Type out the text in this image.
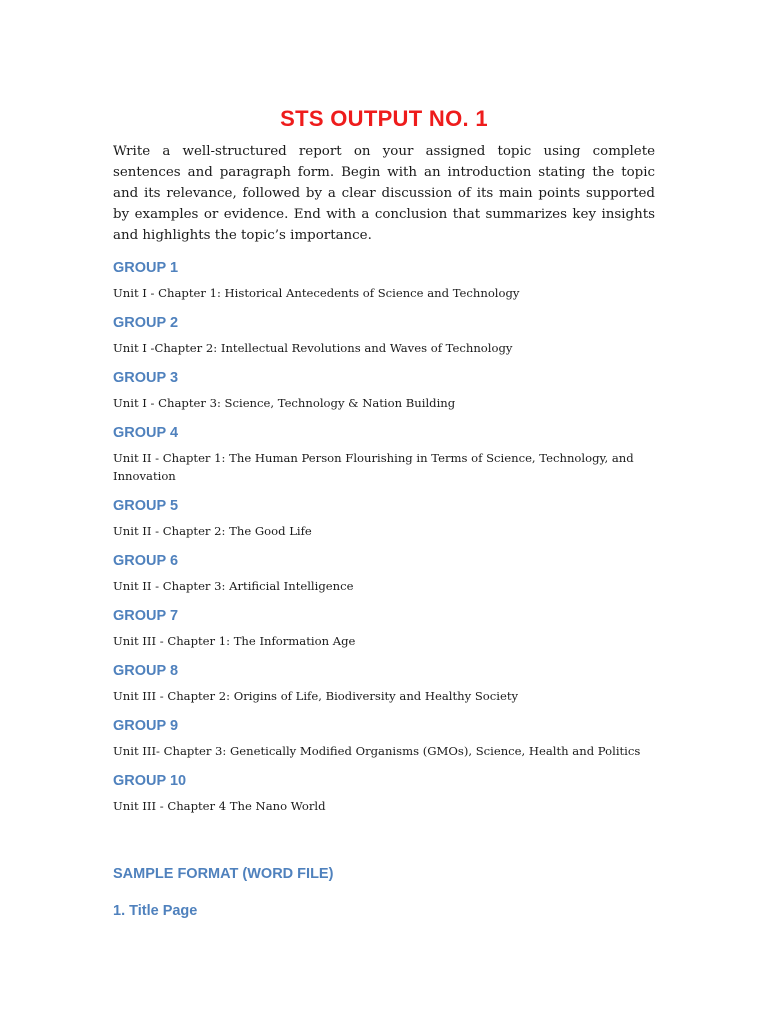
STS OUTPUT NO. 1

Write a well-structured report on your assigned topic using complete sentences and paragraph form. Begin with an introduction stating the topic and its relevance, followed by a clear discussion of its main points supported by examples or evidence. End with a conclusion that summarizes key insights and highlights the topic’s importance.

GROUP 1

Unit I - Chapter 1: Historical Antecedents of Science and Technology

GROUP 2

Unit I -Chapter 2: Intellectual Revolutions and Waves of Technology

GROUP 3

Unit I - Chapter 3: Science, Technology & Nation Building

GROUP 4

Unit II - Chapter 1: The Human Person Flourishing in Terms of Science, Technology, and Innovation

GROUP 5

Unit II - Chapter 2: The Good Life

GROUP 6

Unit II - Chapter 3: Artificial Intelligence

GROUP 7

Unit III - Chapter 1: The Information Age

GROUP 8

Unit III - Chapter 2: Origins of Life, Biodiversity and Healthy Society

GROUP 9

Unit III- Chapter 3: Genetically Modified Organisms (GMOs), Science, Health and Politics

GROUP 10

Unit III - Chapter 4 The Nano World

SAMPLE FORMAT (WORD FILE)
1. Title Page
